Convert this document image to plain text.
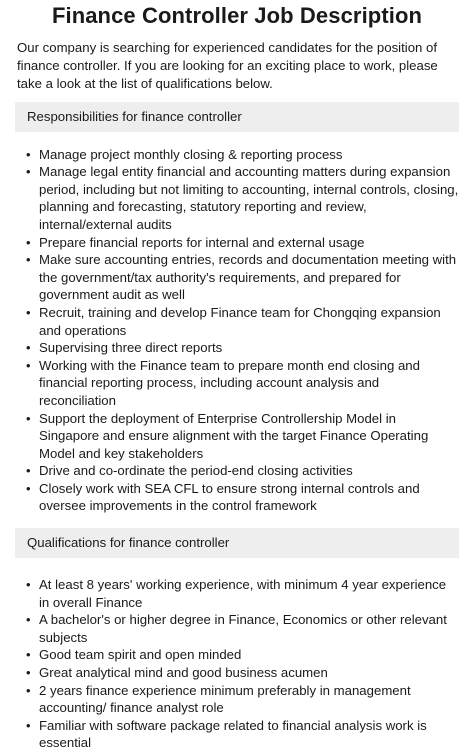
Finance Controller Job Description

Our company is searching for experienced candidates for the position of finance controller. If you are looking for an exciting place to work, please take a look at the list of qualifications below.

Responsibilities for finance controller
• Manage project monthly closing & reporting process
• Manage legal entity financial and accounting matters during expansion period, including but not limiting to accounting, internal controls, closing, planning and forecasting, statutory reporting and review, internal/external audits
• Prepare financial reports for internal and external usage
• Make sure accounting entries, records and documentation meeting with the government/tax authority's requirements, and prepared for government audit as well
• Recruit, training and develop Finance team for Chongqing expansion and operations
• Supervising three direct reports
• Working with the Finance team to prepare month end closing and financial reporting process, including account analysis and reconciliation
• Support the deployment of Enterprise Controllership Model in Singapore and ensure alignment with the target Finance Operating Model and key stakeholders
• Drive and co-ordinate the period-end closing activities
• Closely work with SEA CFL to ensure strong internal controls and oversee improvements in the control framework
Qualifications for finance controller
• At least 8 years' working experience, with minimum 4 year experience in overall Finance
• A bachelor's or higher degree in Finance, Economics or other relevant subjects
• Good team spirit and open minded
• Great analytical mind and good business acumen
• 2 years finance experience minimum preferably in management accounting/ finance analyst role
• Familiar with software package related to financial analysis work is essential
